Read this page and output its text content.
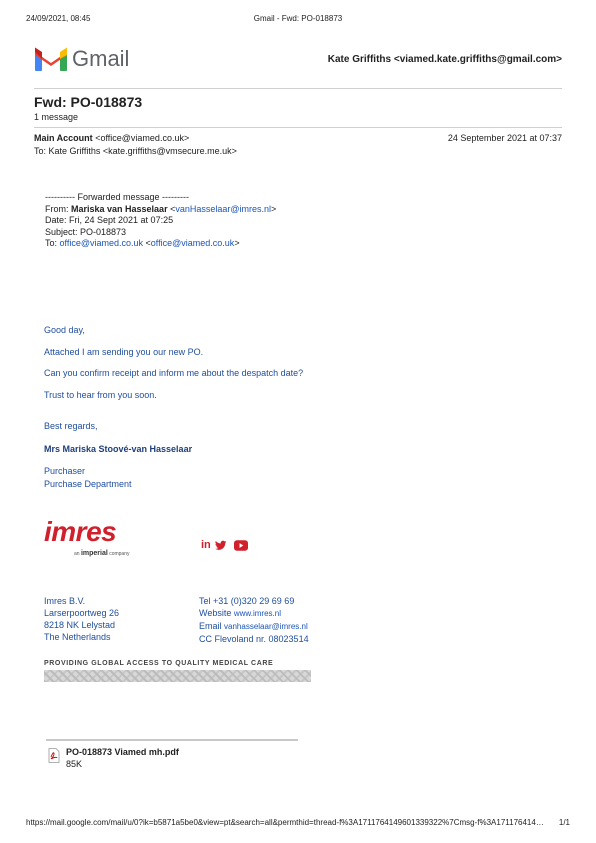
24/09/2021, 08:45	Gmail - Fwd: PO-018873
Gmail	Kate Griffiths <viamed.kate.griffiths@gmail.com>
Fwd: PO-018873
1 message
Main Account <office@viamed.co.uk>	24 September 2021 at 07:37
To: Kate Griffiths <kate.griffiths@vmsecure.me.uk>
---------- Forwarded message ---------
From: Mariska van Hasselaar <vanHasselaar@imres.nl>
Date: Fri, 24 Sept 2021 at 07:25
Subject: PO-018873
To: office@viamed.co.uk <office@viamed.co.uk>
Good day,
Attached I am sending you our new PO.
Can you confirm receipt and inform me about the despatch date?
Trust to hear from you soon.
Best regards,
Mrs Mariska Stoové-van Hasselaar
Purchaser
Purchase Department
imres
an imperial company
in
Imres B.V.
Larserpoortweg 26
8218 NK Lelystad
The Netherlands
Tel +31 (0)320 29 69 69
Website www.imres.nl
Email vanhasselaar@imres.nl
CC Flevoland nr. 08023514
PROVIDING GLOBAL ACCESS TO QUALITY MEDICAL CARE
PO-018873 Viamed mh.pdf
85K
https://mail.google.com/mail/u/0?ik=b5871a5be0&view=pt&search=all&permthid=thread-f%3A1711764149601339322%7Cmsg-f%3A171176414…	1/1
